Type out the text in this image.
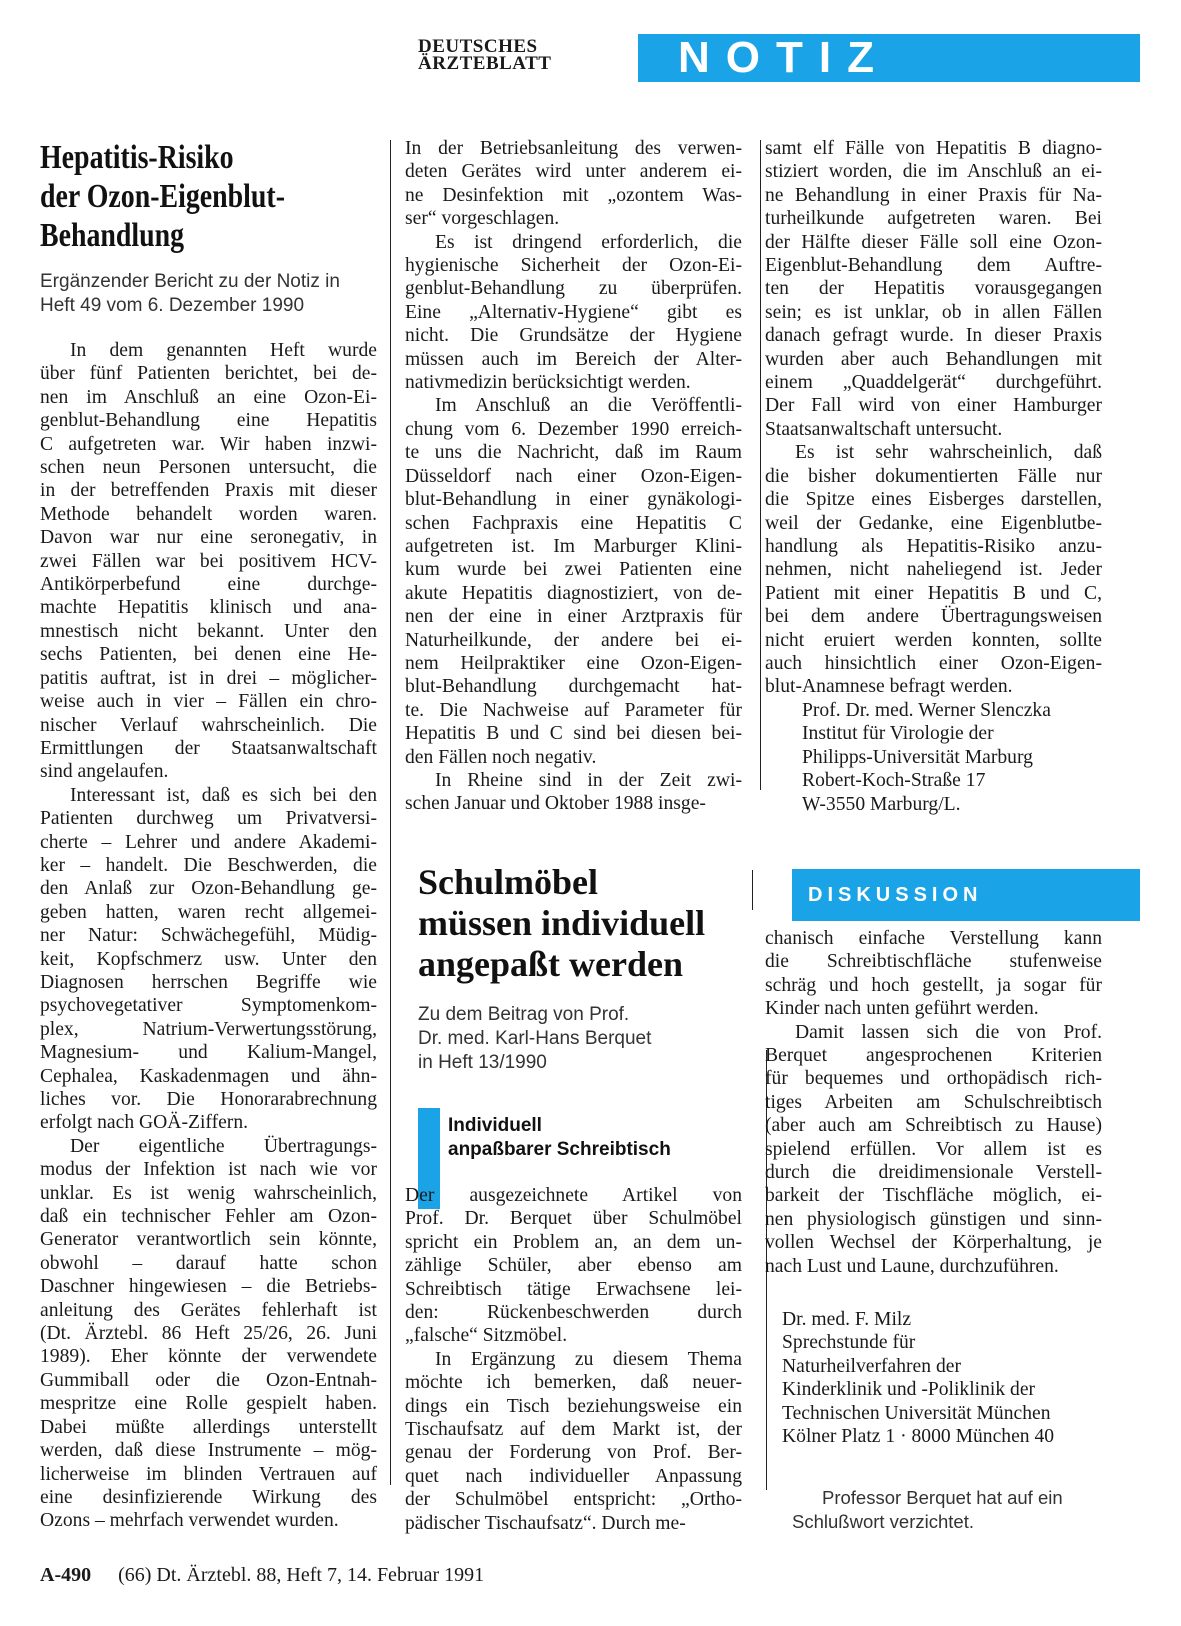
DEUTSCHES
ÄRZTEBLATT	NOTIZ
Hepatitis-Risiko
der Ozon-Eigenblut-
Behandlung
Ergänzender Bericht zu der Notiz in
Heft 49 vom 6. Dezember 1990
In dem genannten Heft wurde
über fünf Patienten berichtet, bei de-
nen im Anschluß an eine Ozon-Ei-
genblut-Behandlung eine Hepatitis
C aufgetreten war. Wir haben inzwi-
schen neun Personen untersucht, die
in der betreffenden Praxis mit dieser
Methode behandelt worden waren.
Davon war nur eine seronegativ, in
zwei Fällen war bei positivem HCV-
Antikörperbefund eine durchge-
machte Hepatitis klinisch und ana-
mnestisch nicht bekannt. Unter den
sechs Patienten, bei denen eine He-
patitis auftrat, ist in drei – möglicher-
weise auch in vier – Fällen ein chro-
nischer Verlauf wahrscheinlich. Die
Ermittlungen der Staatsanwaltschaft
sind angelaufen.
Interessant ist, daß es sich bei den
Patienten durchweg um Privatversi-
cherte – Lehrer und andere Akademi-
ker – handelt. Die Beschwerden, die
den Anlaß zur Ozon-Behandlung ge-
geben hatten, waren recht allgemei-
ner Natur: Schwächegefühl, Müdig-
keit, Kopfschmerz usw. Unter den
Diagnosen herrschen Begriffe wie
psychovegetativer Symptomenkom-
plex, Natrium-Verwertungsstörung,
Magnesium- und Kalium-Mangel,
Cephalea, Kaskadenmagen und ähn-
liches vor. Die Honorarabrechnung
erfolgt nach GOÄ-Ziffern.
Der eigentliche Übertragungs-
modus der Infektion ist nach wie vor
unklar. Es ist wenig wahrscheinlich,
daß ein technischer Fehler am Ozon-
Generator verantwortlich sein könnte,
obwohl – darauf hatte schon
Daschner hingewiesen – die Betriebs-
anleitung des Gerätes fehlerhaft ist
(Dt. Ärztebl. 86 Heft 25/26, 26. Juni
1989). Eher könnte der verwendete
Gummiball oder die Ozon-Entnah-
mespritze eine Rolle gespielt haben.
Dabei müßte allerdings unterstellt
werden, daß diese Instrumente – mög-
licherweise im blinden Vertrauen auf
eine desinfizierende Wirkung des
Ozons – mehrfach verwendet wurden.
In der Betriebsanleitung des verwen-
deten Gerätes wird unter anderem ei-
ne Desinfektion mit „ozontem Was-
ser“ vorgeschlagen.
Es ist dringend erforderlich, die
hygienische Sicherheit der Ozon-Ei-
genblut-Behandlung zu überprüfen.
Eine „Alternativ-Hygiene“ gibt es
nicht. Die Grundsätze der Hygiene
müssen auch im Bereich der Alter-
nativmedizin berücksichtigt werden.
Im Anschluß an die Veröffentli-
chung vom 6. Dezember 1990 erreich-
te uns die Nachricht, daß im Raum
Düsseldorf nach einer Ozon-Eigen-
blut-Behandlung in einer gynäkologi-
schen Fachpraxis eine Hepatitis C
aufgetreten ist. Im Marburger Klini-
kum wurde bei zwei Patienten eine
akute Hepatitis diagnostiziert, von de-
nen der eine in einer Arztpraxis für
Naturheilkunde, der andere bei ei-
nem Heilpraktiker eine Ozon-Eigen-
blut-Behandlung durchgemacht hat-
te. Die Nachweise auf Parameter für
Hepatitis B und C sind bei diesen bei-
den Fällen noch negativ.
In Rheine sind in der Zeit zwi-
schen Januar und Oktober 1988 insge-
samt elf Fälle von Hepatitis B diagno-
stiziert worden, die im Anschluß an ei-
ne Behandlung in einer Praxis für Na-
turheilkunde aufgetreten waren. Bei
der Hälfte dieser Fälle soll eine Ozon-
Eigenblut-Behandlung dem Auftre-
ten der Hepatitis vorausgegangen
sein; es ist unklar, ob in allen Fällen
danach gefragt wurde. In dieser Praxis
wurden aber auch Behandlungen mit
einem „Quaddelgerät“ durchgeführt.
Der Fall wird von einer Hamburger
Staatsanwaltschaft untersucht.
Es ist sehr wahrscheinlich, daß
die bisher dokumentierten Fälle nur
die Spitze eines Eisberges darstellen,
weil der Gedanke, eine Eigenblutbe-
handlung als Hepatitis-Risiko anzu-
nehmen, nicht naheliegend ist. Jeder
Patient mit einer Hepatitis B und C,
bei dem andere Übertragungsweisen
nicht eruiert werden konnten, sollte
auch hinsichtlich einer Ozon-Eigen-
blut-Anamnese befragt werden.
Prof. Dr. med. Werner Slenczka
Institut für Virologie der
Philipps-Universität Marburg
Robert-Koch-Straße 17
W-3550 Marburg/L.
Schulmöbel
müssen individuell
angepaßt werden
Zu dem Beitrag von Prof.
Dr. med. Karl-Hans Berquet
in Heft 13/1990
Individuell
anpaßbarer Schreibtisch
Der ausgezeichnete Artikel von
Prof. Dr. Berquet über Schulmöbel
spricht ein Problem an, an dem un-
zählige Schüler, aber ebenso am
Schreibtisch tätige Erwachsene lei-
den: Rückenbeschwerden durch
„falsche“ Sitzmöbel.
In Ergänzung zu diesem Thema
möchte ich bemerken, daß neuer-
dings ein Tisch beziehungsweise ein
Tischaufsatz auf dem Markt ist, der
genau der Forderung von Prof. Ber-
quet nach individueller Anpassung
der Schulmöbel entspricht: „Ortho-
pädischer Tischaufsatz“. Durch me-
DISKUSSION
chanisch einfache Verstellung kann
die Schreibtischfläche stufenweise
schräg und hoch gestellt, ja sogar für
Kinder nach unten geführt werden.
Damit lassen sich die von Prof.
Berquet angesprochenen Kriterien
für bequemes und orthopädisch rich-
tiges Arbeiten am Schulschreibtisch
(aber auch am Schreibtisch zu Hause)
spielend erfüllen. Vor allem ist es
durch die dreidimensionale Verstell-
barkeit der Tischfläche möglich, ei-
nen physiologisch günstigen und sinn-
vollen Wechsel der Körperhaltung, je
nach Lust und Laune, durchzuführen.
Dr. med. F. Milz
Sprechstunde für
Naturheilverfahren der
Kinderklinik und -Poliklinik der
Technischen Universität München
Kölner Platz 1 · 8000 München 40
Professor Berquet hat auf ein
Schlußwort verzichtet.
A-490 (66) Dt. Ärztebl. 88, Heft 7, 14. Februar 1991
